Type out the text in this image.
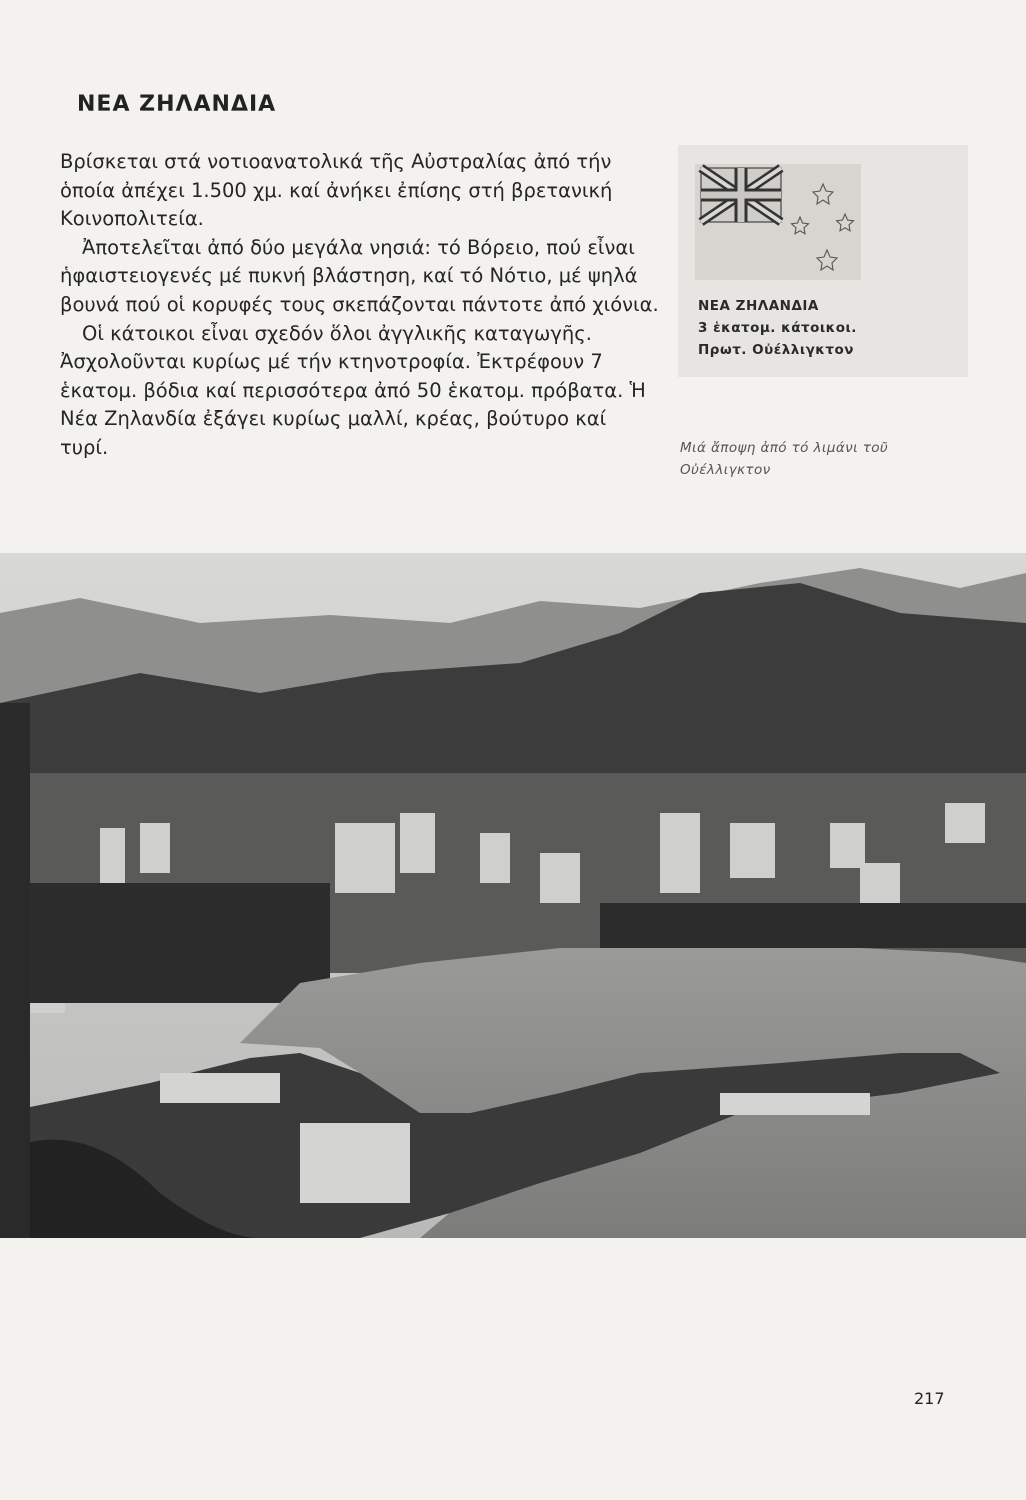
ΝΕΑ ΖΗΛΑΝΔΙΑ

Βρίσκεται στά νοτιοανατολικά τῆς Αὐστραλίας ἀπό τήν ὁποία ἀπέχει 1.500 χμ. καί ἀνήκει ἐπίσης στή βρετανική Κοινοπολιτεία.

Ἀποτελεῖται ἀπό δύο μεγάλα νησιά: τό Βόρειο, πού εἶναι ἡφαιστειογενές μέ πυκνή βλάστηση, καί τό Νότιο, μέ ψηλά βουνά πού οἱ κορυφές τους σκεπάζονται πάντοτε ἀπό χιόνια.

Οἱ κάτοικοι εἶναι σχεδόν ὅλοι ἀγγλικῆς καταγωγῆς. Ἀσχολοῦνται κυρίως μέ τήν κτηνοτροφία. Ἐκτρέφουν 7 ἑκατομ. βόδια καί περισσότερα ἀπό 50 ἑκατομ. πρόβατα. Ἡ Νέα Ζηλανδία ἐξάγει κυρίως μαλλί, κρέας, βούτυρο καί τυρί.

ΝΕΑ ΖΗΛΑΝΔΙΑ
3 ἑκατομ. κάτοικοι.
Πρωτ. Οὐέλλιγκτον
Μιά ἄποψη ἀπό τό λιμάνι τοῦ Οὐέλλιγκτον
217
